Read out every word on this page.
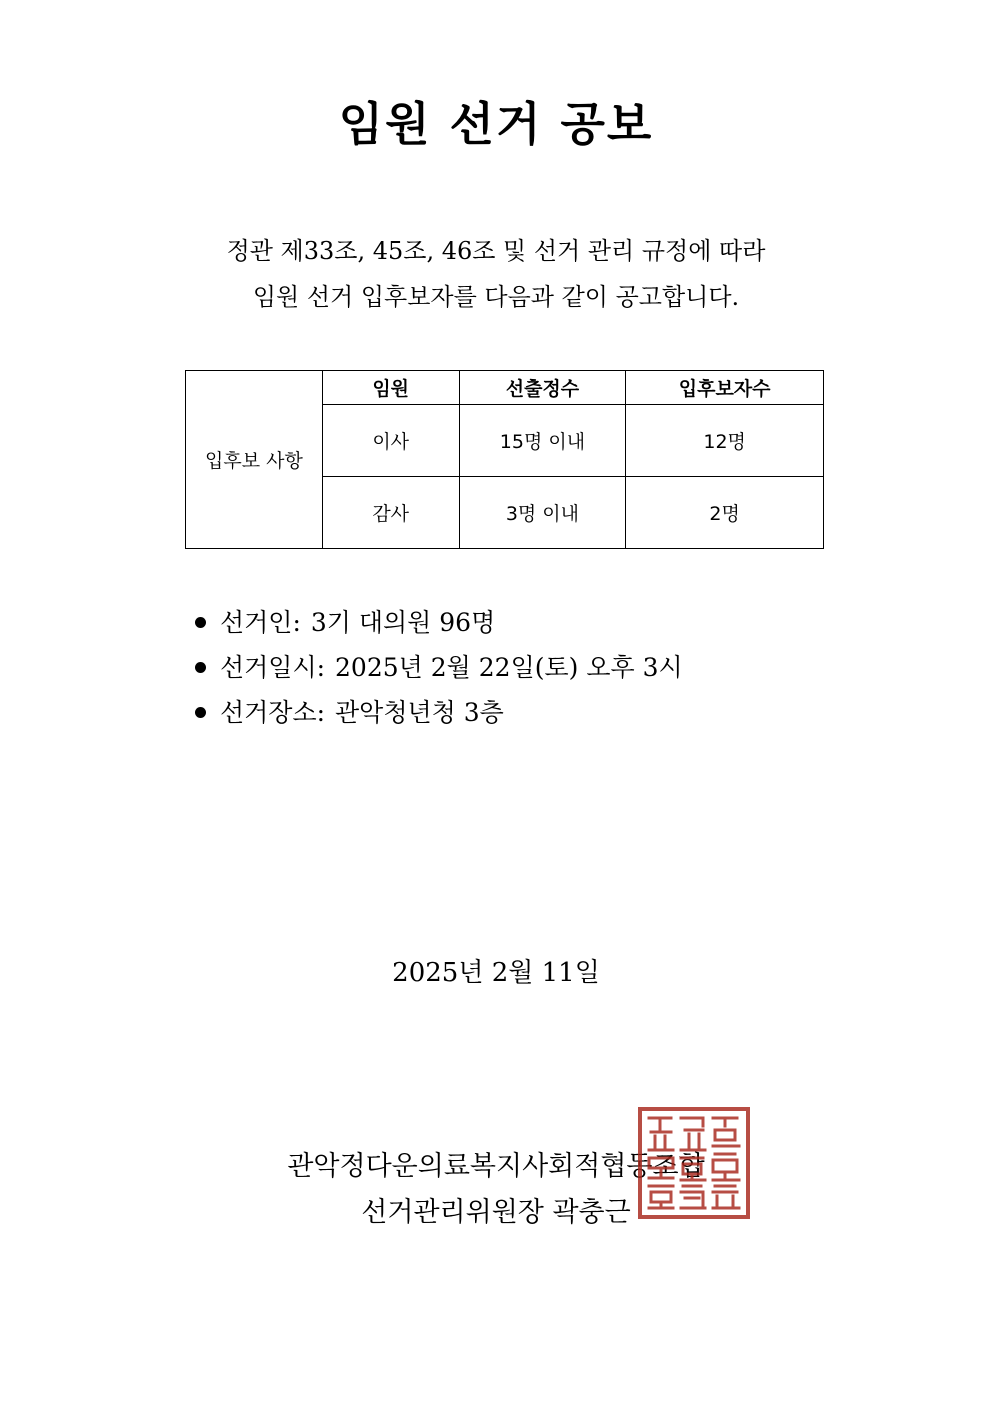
임원 선거 공보
정관 제33조, 45조, 46조 및 선거 관리 규정에 따라
임원 선거 입후보자를 다음과 같이 공고합니다.
입후보 사항	임원	선출정수	입후보자수
	이사	15명 이내	12명
	감사	3명 이내	2명
선거인: 3기 대의원 96명
선거일시: 2025년 2월 22일(토) 오후 3시
선거장소: 관악청년청 3층
2025년 2월 11일
관악정다운의료복지사회적협동조합
선거관리위원장 곽충근
